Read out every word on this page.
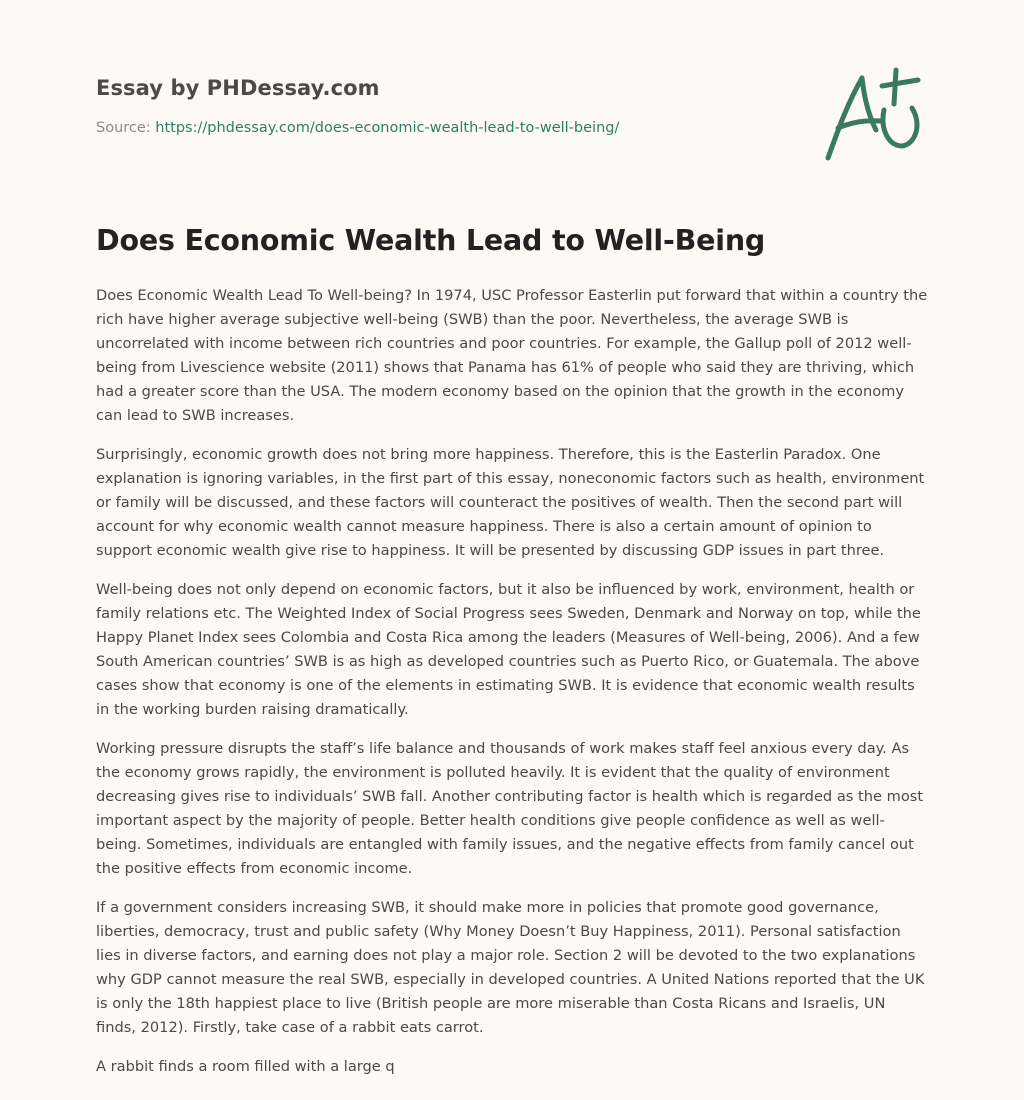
Essay by PHDessay.com
Source: https://phdessay.com/does-economic-wealth-lead-to-well-being/
Does Economic Wealth Lead to Well-Being

Does Economic Wealth Lead To Well-being? In 1974, USC Professor Easterlin put forward that within a country the rich have higher average subjective well-being (SWB) than the poor. Nevertheless, the average SWB is uncorrelated with income between rich countries and poor countries. For example, the Gallup poll of 2012 well-being from Livescience website (2011) shows that Panama has 61% of people who said they are thriving, which had a greater score than the USA. The modern economy based on the opinion that the growth in the economy can lead to SWB increases.

Surprisingly, economic growth does not bring more happiness. Therefore, this is the Easterlin Paradox. One explanation is ignoring variables, in the first part of this essay, noneconomic factors such as health, environment or family will be discussed, and these factors will counteract the positives of wealth. Then the second part will account for why economic wealth cannot measure happiness. There is also a certain amount of opinion to support economic wealth give rise to happiness. It will be presented by discussing GDP issues in part three.

Well-being does not only depend on economic factors, but it also be influenced by work, environment, health or family relations etc. The Weighted Index of Social Progress sees Sweden, Denmark and Norway on top, while the Happy Planet Index sees Colombia and Costa Rica among the leaders (Measures of Well-being, 2006). And a few South American countries’ SWB is as high as developed countries such as Puerto Rico, or Guatemala. The above cases show that economy is one of the elements in estimating SWB. It is evidence that economic wealth results in the working burden raising dramatically.

Working pressure disrupts the staff’s life balance and thousands of work makes staff feel anxious every day. As the economy grows rapidly, the environment is polluted heavily. It is evident that the quality of environment decreasing gives rise to individuals’ SWB fall. Another contributing factor is health which is regarded as the most important aspect by the majority of people. Better health conditions give people confidence as well as well-being. Sometimes, individuals are entangled with family issues, and the negative effects from family cancel out the positive effects from economic income.

If a government considers increasing SWB, it should make more in policies that promote good governance, liberties, democracy, trust and public safety (Why Money Doesn’t Buy Happiness, 2011). Personal satisfaction lies in diverse factors, and earning does not play a major role. Section 2 will be devoted to the two explanations why GDP cannot measure the real SWB, especially in developed countries. A United Nations reported that the UK is only the 18th happiest place to live (British people are more miserable than Costa Ricans and Israelis, UN finds, 2012). Firstly, take case of a rabbit eats carrot.

A rabbit finds a room filled with a large q
